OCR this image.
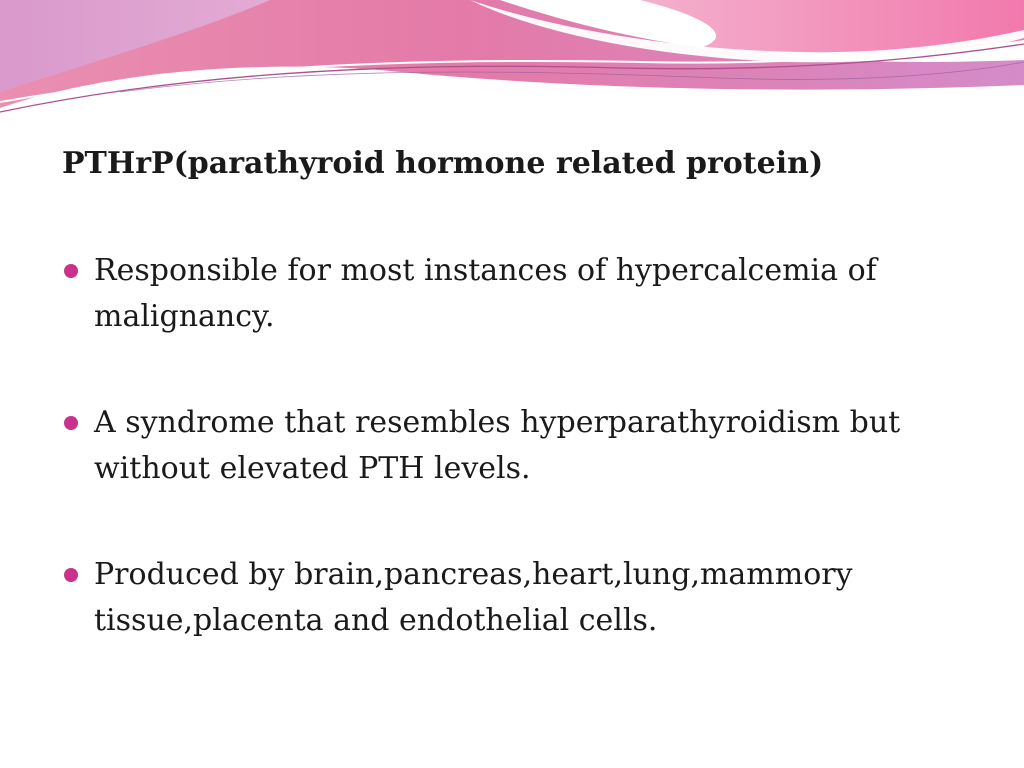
PTHrP(parathyroid hormone related protein)
Responsible for most instances of hypercalcemia of malignancy.
A syndrome that resembles hyperparathyroidism but without elevated PTH levels.
Produced by brain,pancreas,heart,lung,mammory tissue,placenta and endothelial cells.
